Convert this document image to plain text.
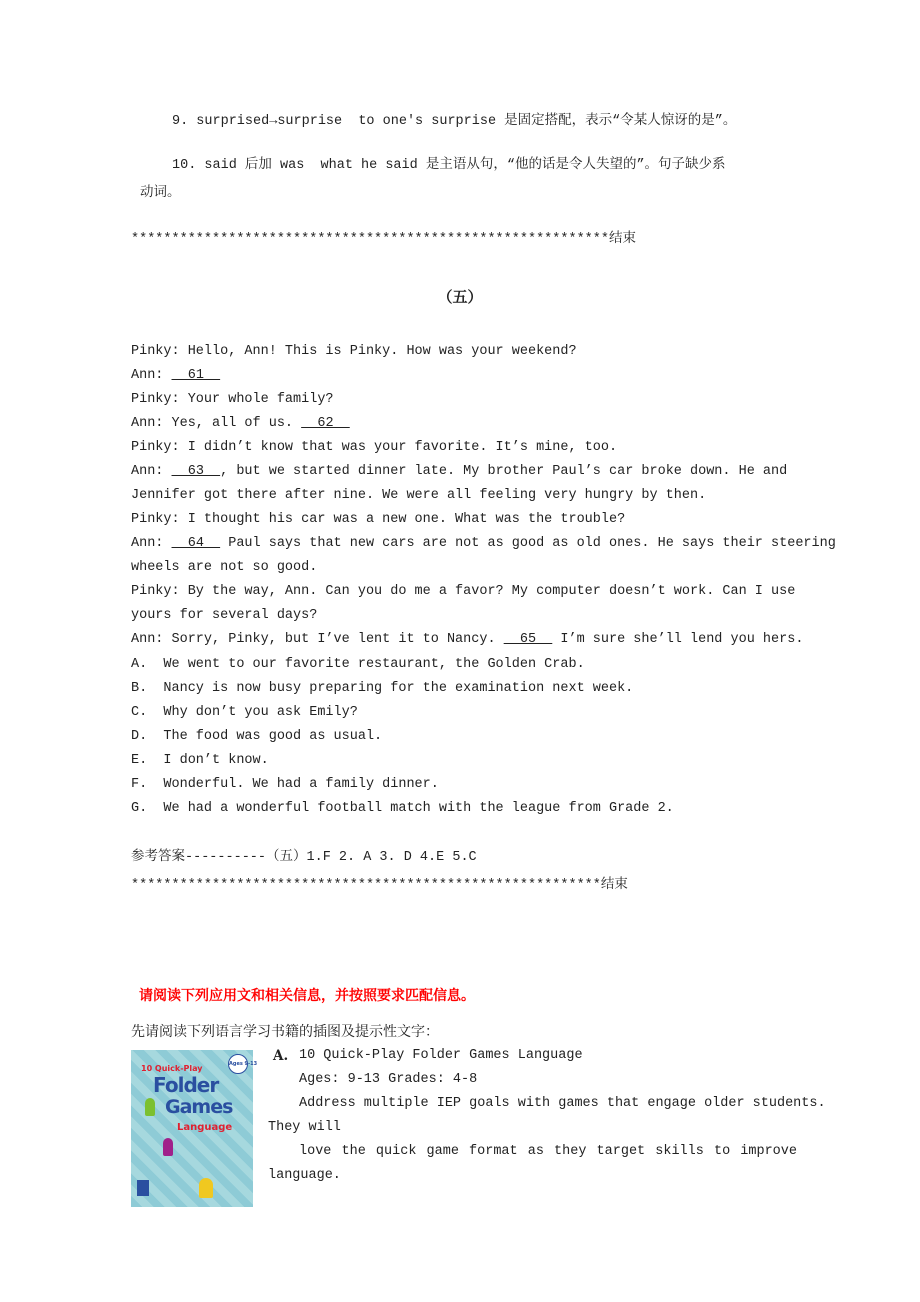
9. surprised→surprise  to one's surprise 是固定搭配，表示“令某人惊讶的是”。
10. said 后加 was  what he said 是主语从句，“他的话是令人失望的”。句子缺少系
动词。
***********************************************************结束
（五）
Pinky: Hello, Ann! This is Pinky. How was your weekend?
Ann:   61
Pinky: Your whole family?
Ann: Yes, all of us.   62
Pinky: I didn’t know that was your favorite. It’s mine, too.
Ann:   63  , but we started dinner late. My brother Paul’s car broke down. He and
Jennifer got there after nine. We were all feeling very hungry by then.
Pinky: I thought his car was a new one. What was the trouble?
Ann:   64   Paul says that new cars are not as good as old ones. He says their steering
wheels are not so good.
Pinky: By the way, Ann. Can you do me a favor? My computer doesn’t work. Can I use
yours for several days?
Ann: Sorry, Pinky, but I’ve lent it to Nancy.   65   I’m sure she’ll lend you hers.
A.  We went to our favorite restaurant, the Golden Crab.
B.  Nancy is now busy preparing for the examination next week.
C.  Why don’t you ask Emily?
D.  The food was good as usual.
E.  I don’t know.
F.  Wonderful. We had a family dinner.
G.  We had a wonderful football match with the league from Grade 2.
参考答案----------（五）1.F 2. A 3. D 4.E 5.C
**********************************************************结束
请阅读下列应用文和相关信息，并按照要求匹配信息。
先请阅读下列语言学习书籍的插图及提示性文字：
Ages 9-13
10 Quick-Play
Folder
Games
Language
A. 10 Quick-Play Folder Games Language
Ages: 9-13 Grades: 4-8
Address multiple IEP goals with games that engage older students.
They will
love the quick game format as they target skills to improve
language.
